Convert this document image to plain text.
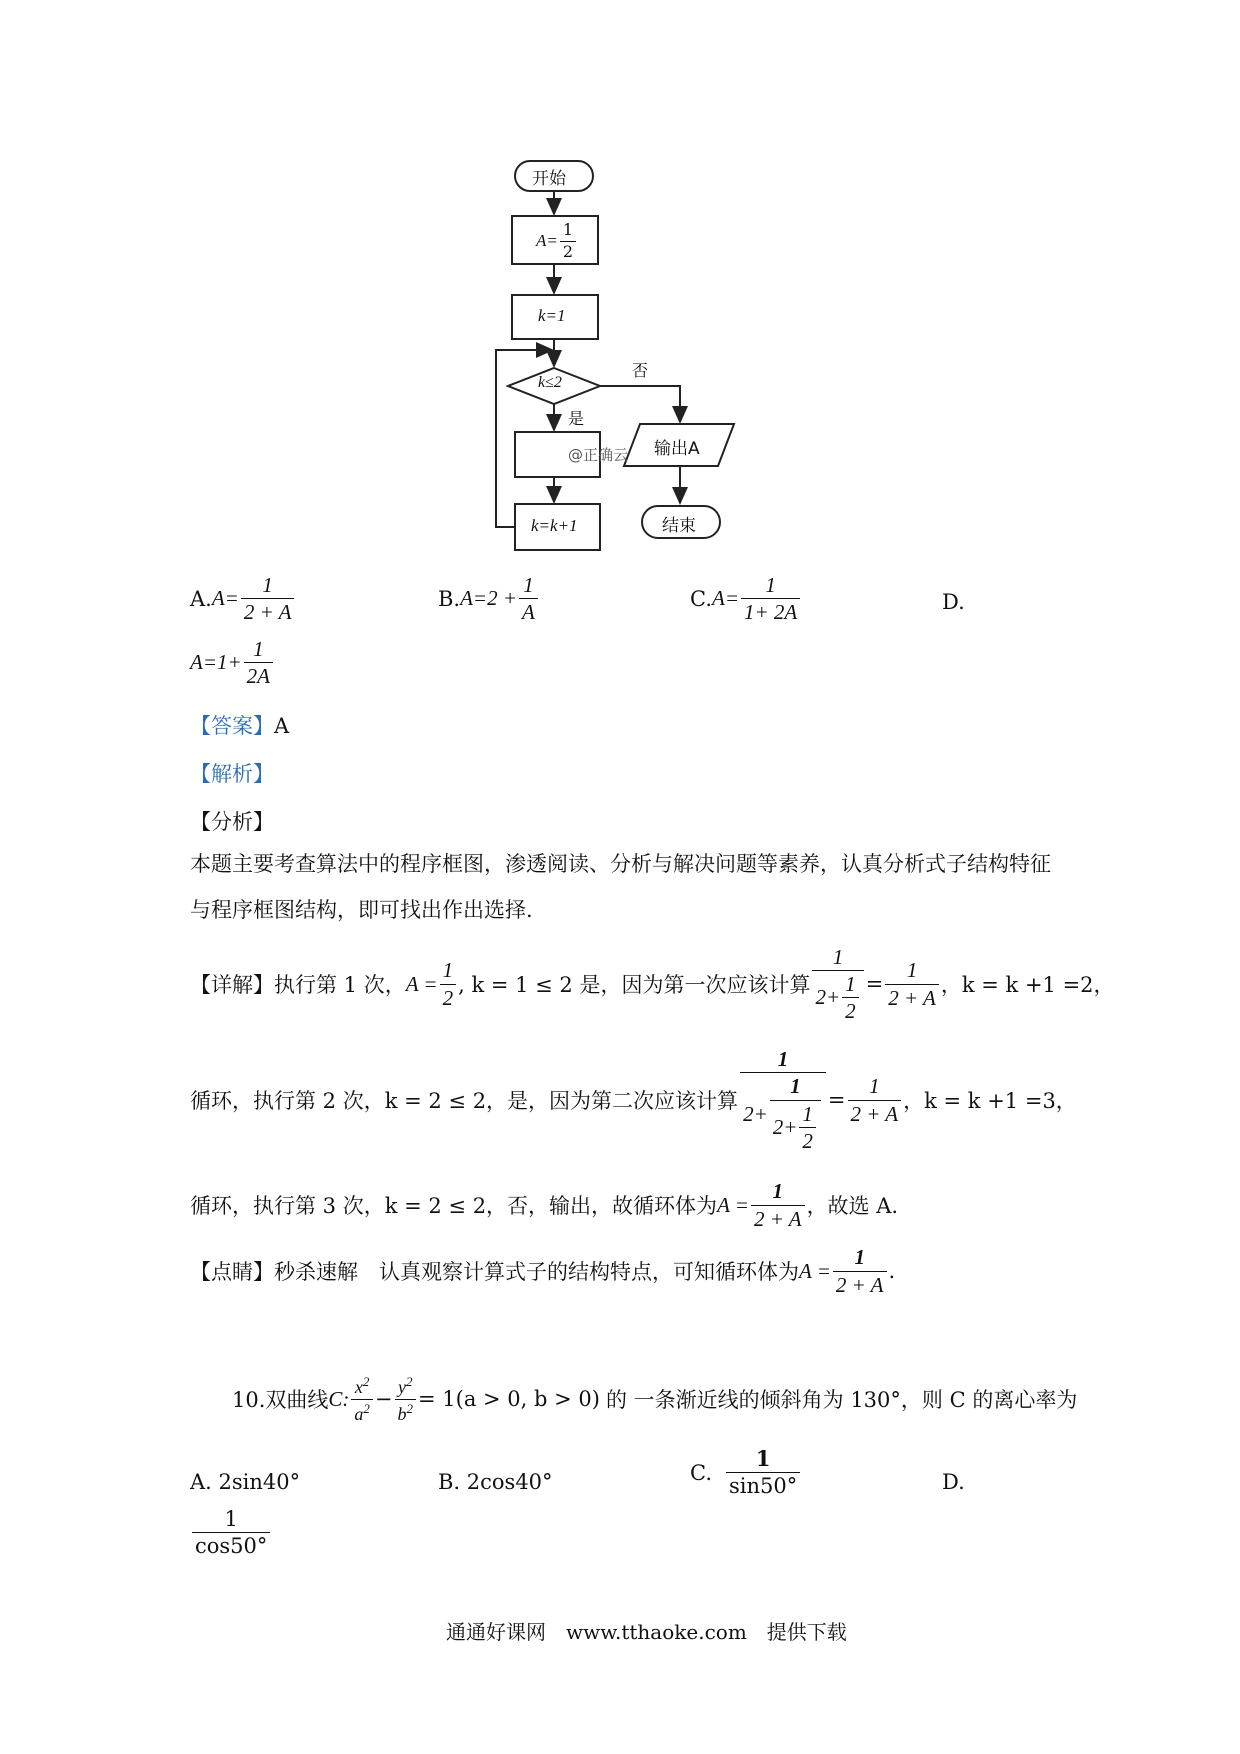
开始
$A= \frac{1}{2}$
k=1
k≤2
否
是
@正确云 输出A
k=k+1	结束
A. $A= \frac{1}{2 + A}$	B. $A=2 + \frac{1}{A}$	C. $A= \frac{1}{1+ 2A}$	D.
$A=1+ \frac{1}{2A}$
【答案】A
【解析】
【分析】
本题主要考查算法中的程序框图，渗透阅读、分析与解决问题等素养，认真分析式子结构特征与程序框图结构，即可找出作出选择.
【详解】 执行第 1 次， $A = \frac{1}{2}$ , k = 1 ≤ 2 是，因为第一次应该计算 $\frac{1}{2+ \frac{1}{2}} = \frac{1}{2 + A}$ ，k = k +1 =2，
循环，执行第 2 次，k = 2 ≤ 2，是，因为第二次应该计算 $\frac{1}{2+ \frac{1}{2+ \frac{1}{2}}} = \frac{1}{2 + A}$ ，k = k +1 =3，
循环，执行第 3 次，k = 2 ≤ 2，否，输出，故循环体为 $A = \frac{1}{2 + A}$ ，故选 A.
【点睛】 秒杀速解　认真观察计算式子的结构特点，可知循环体为 $A = \frac{1}{2 + A}$ .
10.双曲线 C: $\frac{x^2}{a^2} - \frac{y^2}{b^2} = 1(a > 0$, b > 0) 的 一条渐近线的倾斜角为 130°，则 C 的离心率为
A. 2sin40°	B. 2cos40°	C. $\frac{1}{\sin 50^\circ}$	D.
$\frac{1}{\cos 50^\circ}$
通通好课网　www.tthaoke.com　提供下载
